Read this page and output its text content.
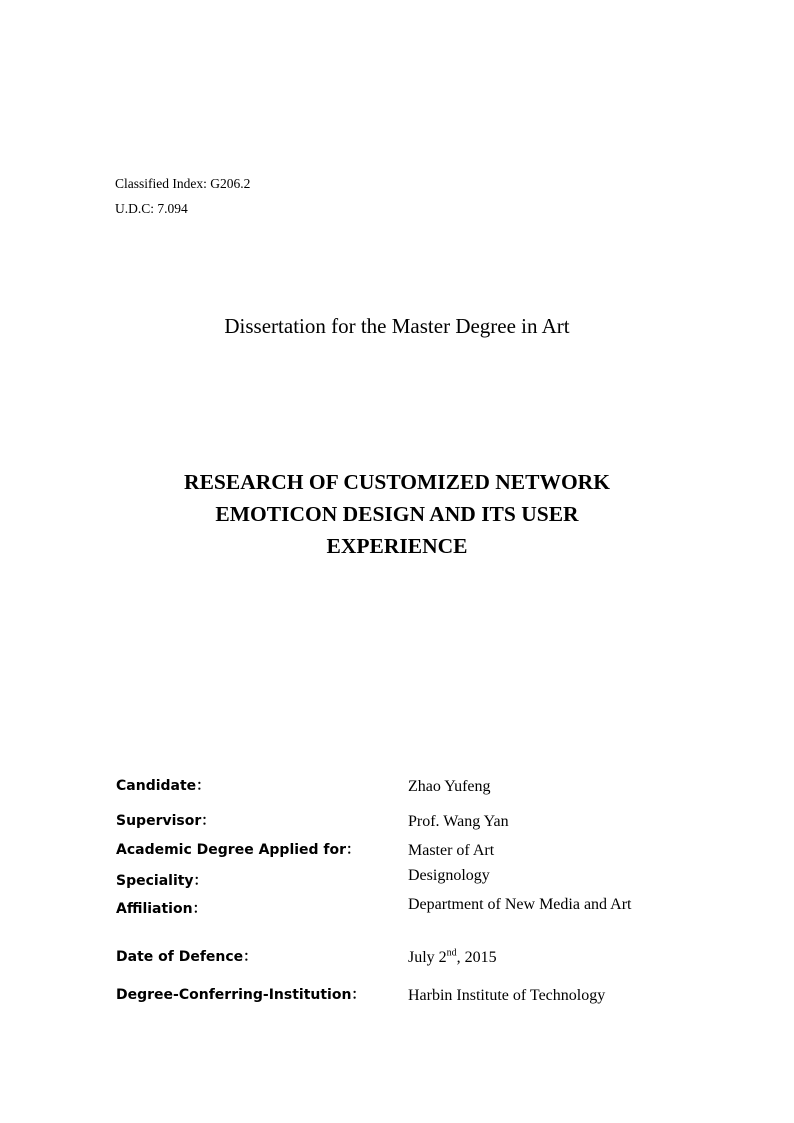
Classified Index: G206.2
U.D.C: 7.094
Dissertation for the Master Degree in Art
RESEARCH OF CUSTOMIZED NETWORK
EMOTICON DESIGN AND ITS USER
EXPERIENCE
Candidate：	Zhao Yufeng
Supervisor：	Prof. Wang Yan
Academic Degree Applied for：	Master of Art
Speciality：	Designology
Affiliation：	Department of New Media and Art
Date of Defence：	July 2nd, 2015
Degree-Conferring-Institution：	Harbin Institute of Technology
